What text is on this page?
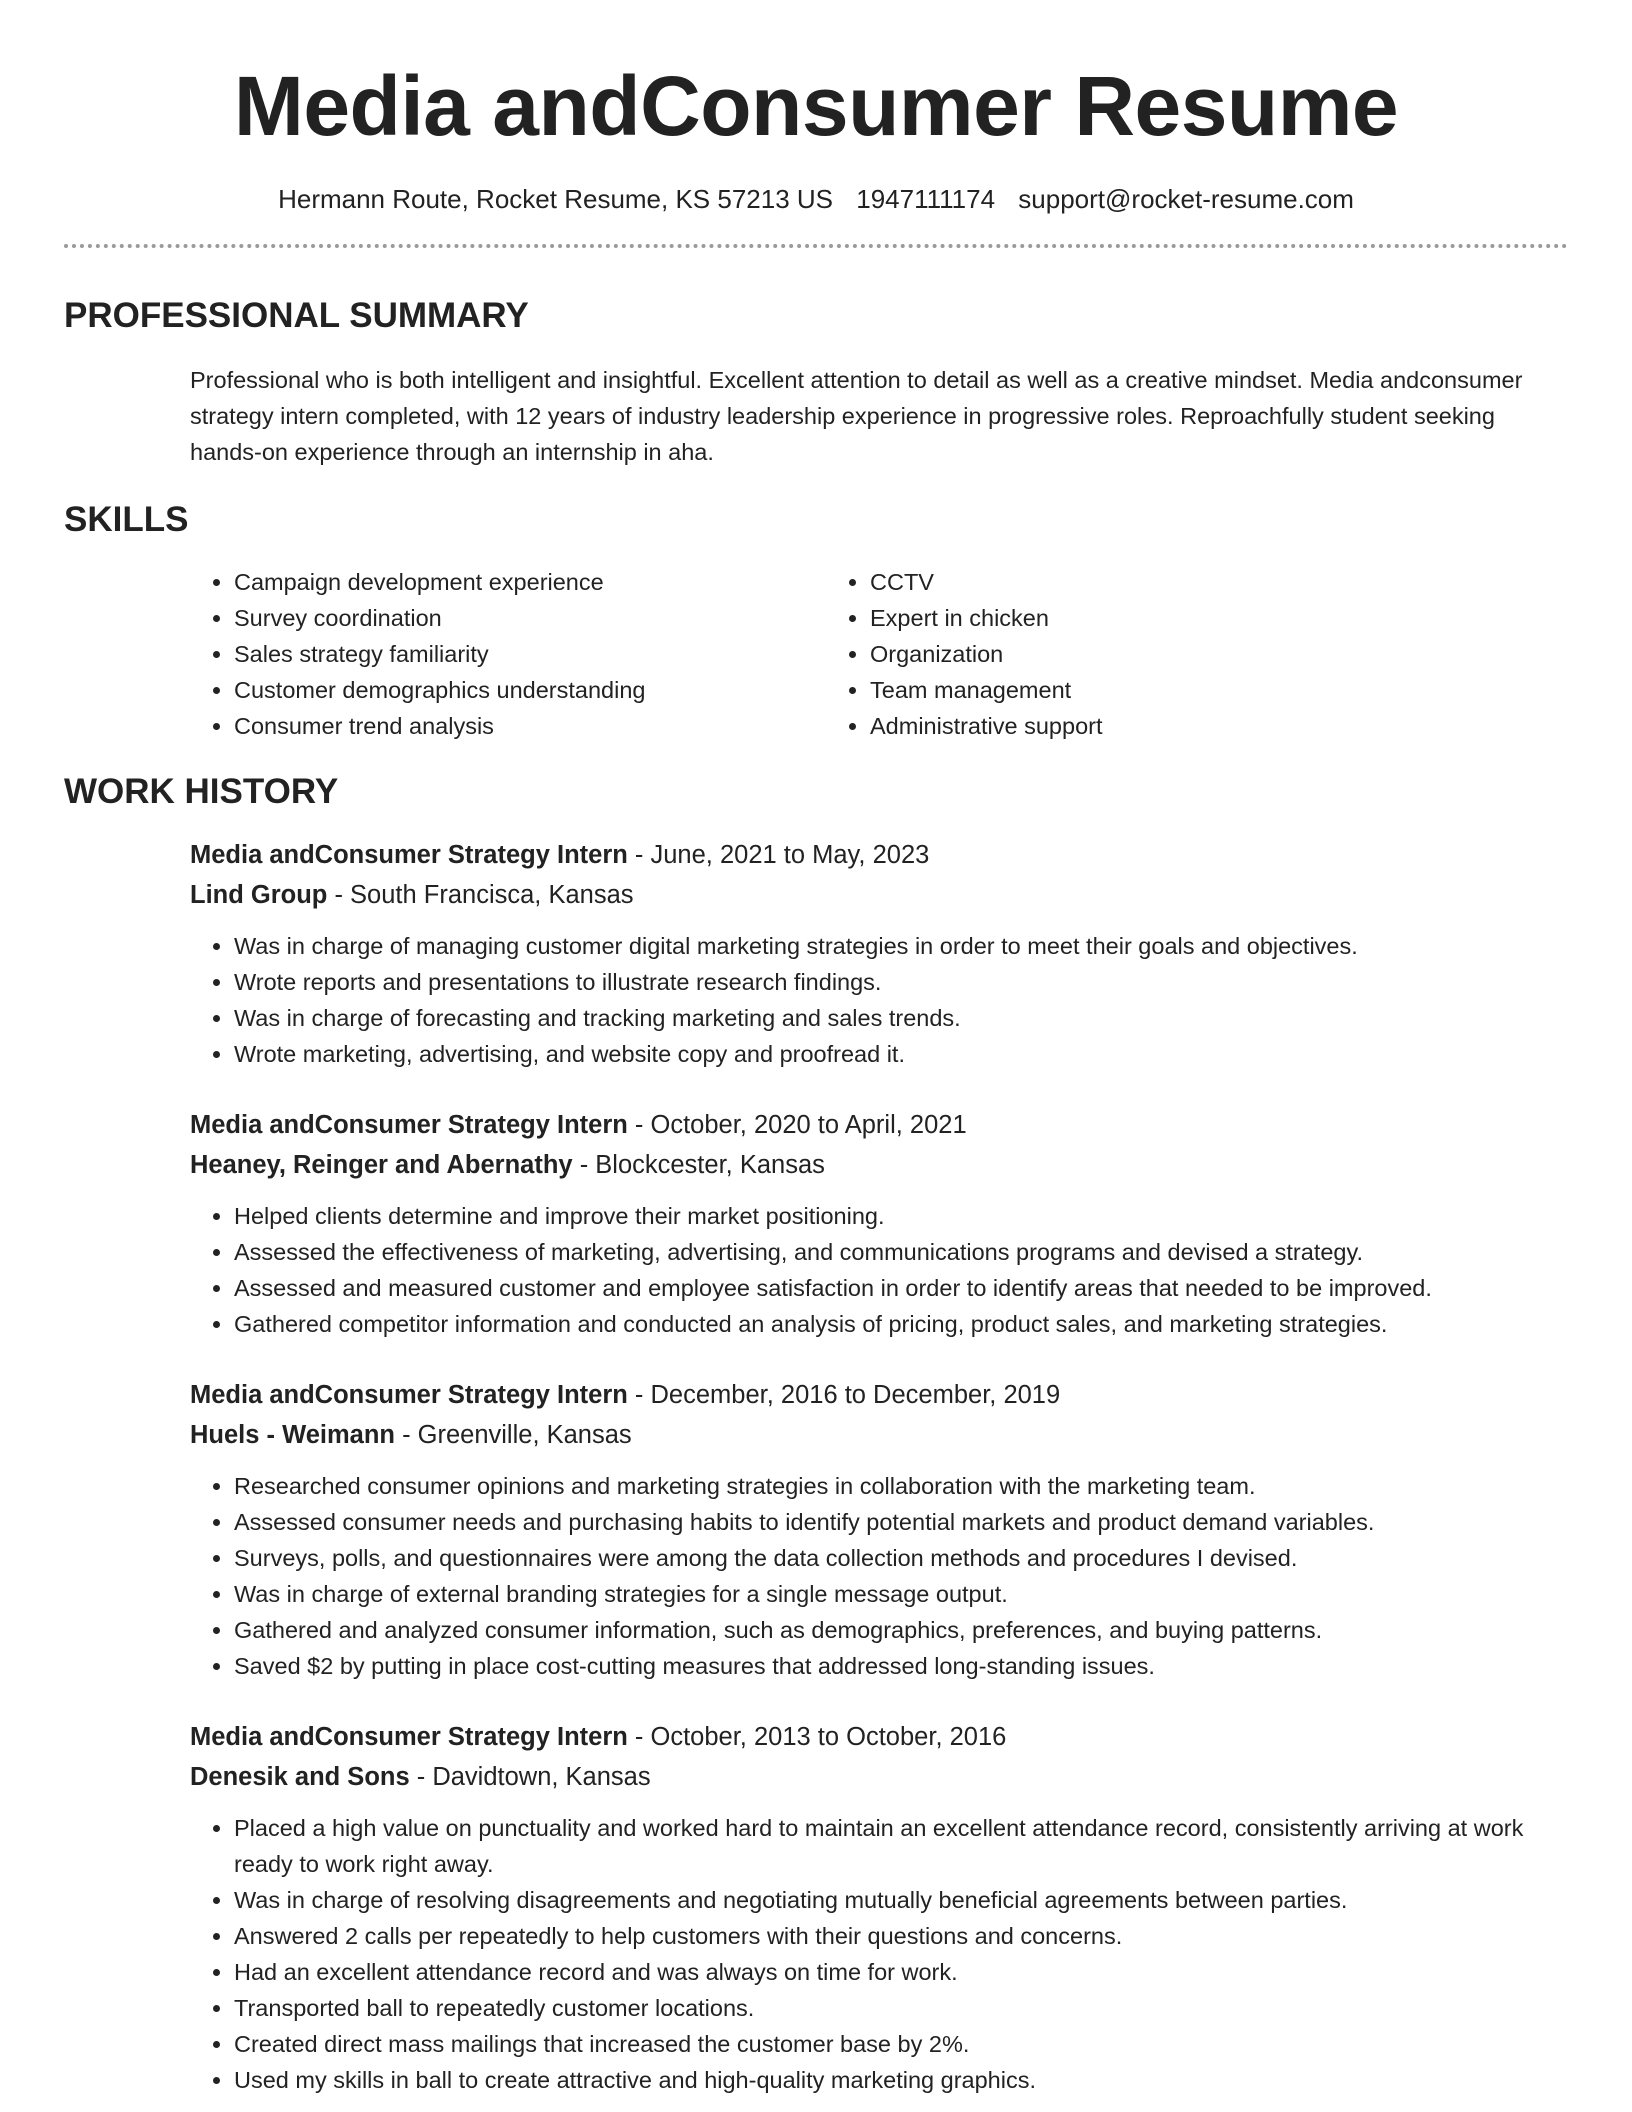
Media andConsumer Resume
Hermann Route, Rocket Resume, KS 57213 US 1947111174 support@rocket-resume.com
PROFESSIONAL SUMMARY

Professional who is both intelligent and insightful. Excellent attention to detail as well as a creative mindset. Media andconsumer strategy intern completed, with 12 years of industry leadership experience in progressive roles. Reproachfully student seeking hands-on experience through an internship in aha.

SKILLS
• Campaign development experience
• Survey coordination
• Sales strategy familiarity
• Customer demographics understanding
• Consumer trend analysis
• CCTV
• Expert in chicken
• Organization
• Team management
• Administrative support
WORK HISTORY
Media andConsumer Strategy Intern - June, 2021 to May, 2023
Lind Group - South Francisca, Kansas
• Was in charge of managing customer digital marketing strategies in order to meet their goals and objectives.
• Wrote reports and presentations to illustrate research findings.
• Was in charge of forecasting and tracking marketing and sales trends.
• Wrote marketing, advertising, and website copy and proofread it.
Media andConsumer Strategy Intern - October, 2020 to April, 2021
Heaney, Reinger and Abernathy - Blockcester, Kansas
• Helped clients determine and improve their market positioning.
• Assessed the effectiveness of marketing, advertising, and communications programs and devised a strategy.
• Assessed and measured customer and employee satisfaction in order to identify areas that needed to be improved.
• Gathered competitor information and conducted an analysis of pricing, product sales, and marketing strategies.
Media andConsumer Strategy Intern - December, 2016 to December, 2019
Huels - Weimann - Greenville, Kansas
• Researched consumer opinions and marketing strategies in collaboration with the marketing team.
• Assessed consumer needs and purchasing habits to identify potential markets and product demand variables.
• Surveys, polls, and questionnaires were among the data collection methods and procedures I devised.
• Was in charge of external branding strategies for a single message output.
• Gathered and analyzed consumer information, such as demographics, preferences, and buying patterns.
• Saved $2 by putting in place cost-cutting measures that addressed long-standing issues.
Media andConsumer Strategy Intern - October, 2013 to October, 2016
Denesik and Sons - Davidtown, Kansas
• Placed a high value on punctuality and worked hard to maintain an excellent attendance record, consistently arriving at work ready to work right away.
• Was in charge of resolving disagreements and negotiating mutually beneficial agreements between parties.
• Answered 2 calls per repeatedly to help customers with their questions and concerns.
• Had an excellent attendance record and was always on time for work.
• Transported ball to repeatedly customer locations.
• Created direct mass mailings that increased the customer base by 2%.
• Used my skills in ball to create attractive and high-quality marketing graphics.
